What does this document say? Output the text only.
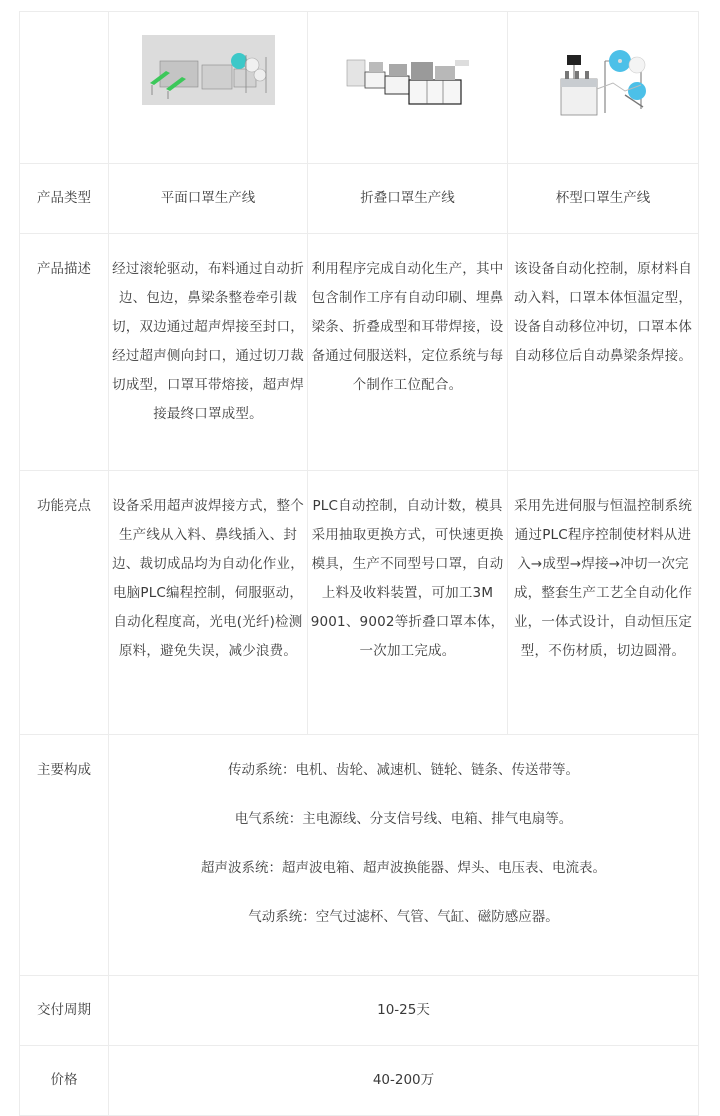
产品类型	平面口罩生产线	折叠口罩生产线	杯型口罩生产线
产品描述	经过滚轮驱动，布料通过自动折边、包边，鼻梁条整卷牵引裁切，双边通过超声焊接至封口，经过超声侧向封口，通过切刀裁切成型，口罩耳带熔接，超声焊接最终口罩成型。	利用程序完成自动化生产，其中包含制作工序有自动印刷、埋鼻梁条、折叠成型和耳带焊接，设备通过伺服送料，定位系统与每个制作工位配合。	该设备自动化控制，原材料自动入料，口罩本体恒温定型，设备自动移位冲切，口罩本体自动移位后自动鼻梁条焊接。
功能亮点	设备采用超声波焊接方式，整个生产线从入料、鼻线插入、封边、裁切成品均为自动化作业，电脑PLC编程控制，伺服驱动，自动化程度高，光电(光纤)检测原料，避免失误，减少浪费。	PLC自动控制，自动计数，模具采用抽取更换方式，可快速更换模具，生产不同型号口罩，自动上料及收料装置，可加工3M 9001、9002等折叠口罩本体，一次加工完成。	采用先进伺服与恒温控制系统通过PLC程序控制使材料从进入→成型→焊接→冲切一次完成，整套生产工艺全自动化作业，一体式设计，自动恒压定型，不伤材质，切边圆滑。
主要构成	传动系统：电机、齿轮、减速机、链轮、链条、传送带等。
电气系统：主电源线、分支信号线、电箱、排气电扇等。
超声波系统：超声波电箱、超声波换能器、焊头、电压表、电流表。
气动系统：空气过滤杯、气管、气缸、磁防感应器。		

交付周期	10-25天		
价格	40-200万		
